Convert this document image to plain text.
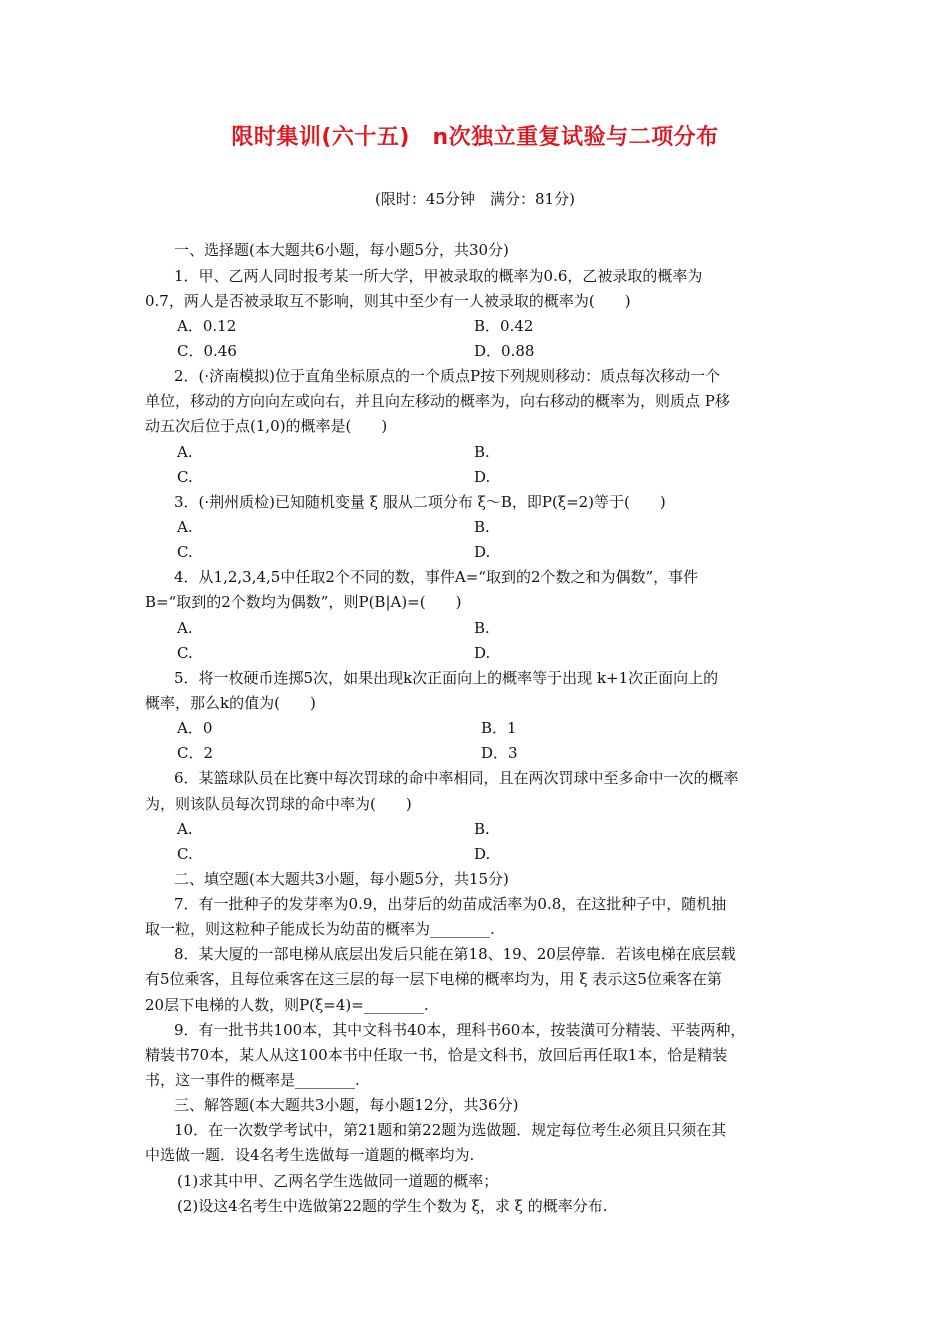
限时集训(六十五)　n次独立重复试验与二项分布
(限时：45分钟　满分：81分)
一、选择题(本大题共6小题，每小题5分，共30分)
1．甲、乙两人同时报考某一所大学，甲被录取的概率为0.6，乙被录取的概率为
0.7，两人是否被录取互不影响，则其中至少有一人被录取的概率为(　　)
A．0.12	B．0.42
C．0.46	D．0.88
2．(·济南模拟)位于直角坐标原点的一个质点P按下列规则移动：质点每次移动一个
单位，移动的方向向左或向右，并且向左移动的概率为，向右移动的概率为，则质点 P移
动五次后位于点(1,0)的概率是(　　)
A.	B.
C.	D.
3．(·荆州质检)已知随机变量 ξ 服从二项分布 ξ～B，即P(ξ=2)等于(　　)
A.	B.
C.	D.
4．从1,2,3,4,5中任取2个不同的数，事件A=“取到的2个数之和为偶数”，事件
B=“取到的2个数均为偶数”，则P(B|A)=(　　)
A.	B.
C.	D.
5．将一枚硬币连掷5次，如果出现k次正面向上的概率等于出现 k+1次正面向上的
概率，那么k的值为(　　)
A．0	B．1
C．2	D．3
6．某篮球队员在比赛中每次罚球的命中率相同，且在两次罚球中至多命中一次的概率
为，则该队员每次罚球的命中率为(　　)
A.	B.
C.	D.
二、填空题(本大题共3小题，每小题5分，共15分)
7．有一批种子的发芽率为0.9，出芽后的幼苗成活率为0.8，在这批种子中，随机抽
取一粒，则这粒种子能成长为幼苗的概率为________.
8．某大厦的一部电梯从底层出发后只能在第18、19、20层停靠．若该电梯在底层载
有5位乘客，且每位乘客在这三层的每一层下电梯的概率均为，用 ξ 表示这5位乘客在第
20层下电梯的人数，则P(ξ=4)=________.
9．有一批书共100本，其中文科书40本，理科书60本，按装潢可分精装、平装两种，
精装书70本，某人从这100本书中任取一书，恰是文科书，放回后再任取1本，恰是精装
书，这一事件的概率是________.
三、解答题(本大题共3小题，每小题12分，共36分)
10．在一次数学考试中，第21题和第22题为选做题．规定每位考生必须且只须在其
中选做一题．设4名考生选做每一道题的概率均为.
(1)求其中甲、乙两名学生选做同一道题的概率；
(2)设这4名考生中选做第22题的学生个数为 ξ，求 ξ 的概率分布.
